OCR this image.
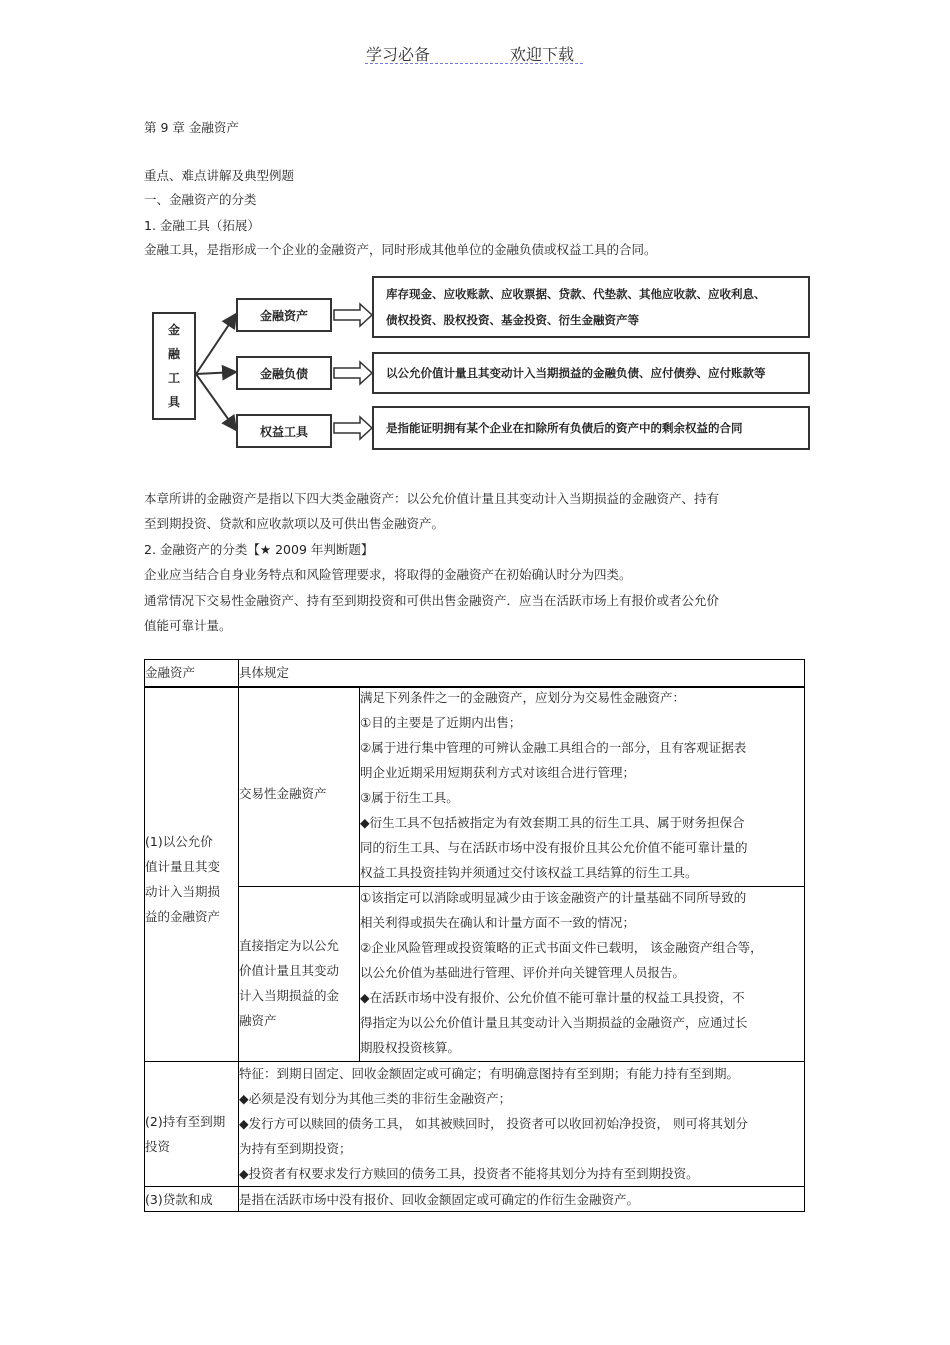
学习必备	欢迎下载
第 9 章 金融资产
重点、难点讲解及典型例题
一、金融资产的分类
1. 金融工具（拓展）
金融工具，是指形成一个企业的金融资产，同时形成其他单位的金融负债或权益工具的合同。
金
融
工
具
金融资产
金融负债
权益工具
库存现金、应收账款、应收票据、贷款、代垫款、其他应收款、应收利息、
债权投资、股权投资、基金投资、衍生金融资产等
以公允价值计量且其变动计入当期损益的金融负债、应付债券、应付账款等
是指能证明拥有某个企业在扣除所有负债后的资产中的剩余权益的合同
本章所讲的金融资产是指以下四大类金融资产：以公允价值计量且其变动计入当期损益的金融资产、持有
至到期投资、贷款和应收款项以及可供出售金融资产。
2. 金融资产的分类【★ 2009 年判断题】
企业应当结合自身业务特点和风险管理要求，将取得的金融资产在初始确认时分为四类。
通常情况下交易性金融资产、持有至到期投资和可供出售金融资产．应当在活跃市场上有报价或者公允价
值能可靠计量。
金融资产	具体规定
(1)以公允价
值计量且其变
动计入当期损
益的金融资产
交易性金融资产
满足下列条件之一的金融资产，应划分为交易性金融资产：
①目的主要是了近期内出售；
②属于进行集中管理的可辨认金融工具组合的一部分，且有客观证据表
明企业近期采用短期获利方式对该组合进行管理；
③属于衍生工具。
◆衍生工具不包括被指定为有效套期工具的衍生工具、属于财务担保合
同的衍生工具、与在活跃市场中没有报价且其公允价值不能可靠计量的
权益工具投资挂钩并须通过交付该权益工具结算的衍生工具。
直接指定为以公允
价值计量且其变动
计入当期损益的金
融资产
①该指定可以消除或明显减少由于该金融资产的计量基础不同所导致的
相关利得或损失在确认和计量方面不一致的情况；
②企业风险管理或投资策略的正式书面文件已载明， 该金融资产组合等，
以公允价值为基础进行管理、评价并向关键管理人员报告。
◆在活跃市场中没有报价、公允价值不能可靠计量的权益工具投资，不
得指定为以公允价值计量且其变动计入当期损益的金融资产，应通过长
期股权投资核算。
(2)持有至到期
投资
特征：到期日固定、回收金额固定或可确定；有明确意图持有至到期；有能力持有至到期。
◆必须是没有划分为其他三类的非衍生金融资产；
◆发行方可以赎回的债务工具， 如其被赎回时， 投资者可以收回初始净投资， 则可将其划分
为持有至到期投资；
◆投资者有权要求发行方赎回的债务工具，投资者不能将其划分为持有至到期投资。
(3)贷款和成 是指在活跃市场中没有报价、回收金额固定或可确定的作衍生金融资产。
